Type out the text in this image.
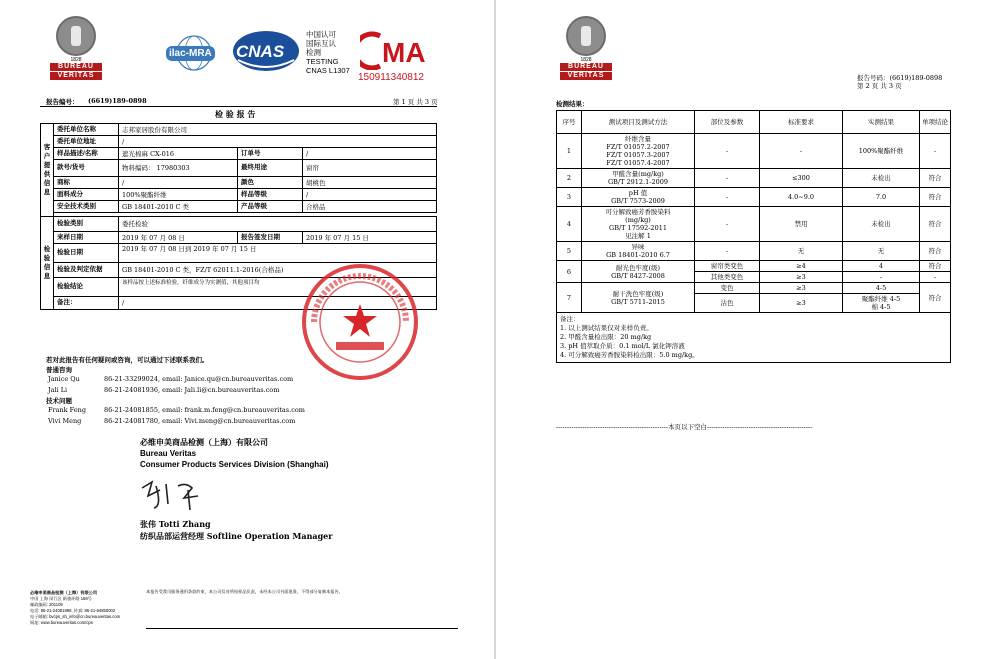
1828
BUREAU
VERITAS
ilac-MRA CNAS
中国认可
国际互认
检测
TESTING
CNAS L1307
MA
15091134081​2
报告编号： (6619)189-0898	第 1 页 共 3 页
检 验 报 告
客户提供信息	委托单位名称	志邦家居股份有限公司		
	委托单位地址	/		
	样品描述/名称	遮光棉麻 CX-016	订单号	/
	款号/货号	物料编码： 17980303	最终用途	窗帘
	商标	/	颜色	胡桃色
	面料成分	100%聚酯纤维	样品等级	/
	安全技术类别	GB 18401-2010 C 类	产品等级	合格品

检验信息	检验类别	委托检验		
	来样日期	2019 年 07 月 08 日	报告签发日期	2019 年 07 月 15 日
	检验日期	2019 年 07 月 08 日到 2019 年 07 月 15 日		
	检验及判定依据	GB 18401-2010 C 类，FZ/T 62011.1-2016(合格品)		
	检验结论	该样品按上述标准检验，纤维成分为实测值，其他项目均		
	备注：	/		
若对此报告有任何疑问或咨询，可以通过下述联系我们。
普通咨询
Janice Qu	86-21-33299024, email: Janice.qu@cn.bureauveritas.com
Jali Li	86-21-24081936, email: Jali.li@cn.bureauveritas.com
技术问题
Frank Feng	86-21-24081855, email: frank.m.feng@cn.bureauveritas.com
Vivi Meng	86-21-24081780, email: Vivi.meng@cn.bureauveritas.com
必维申美商品检测（上海）有限公司
Bureau Veritas
Consumer Products Services Division (Shanghai)
张伟 Totti Zhang
纺织品部运营经理 Softline Operation Manager
必维申美商品检测（上海）有限公司
中国 上海 闵行区 新骏环路 168号
邮政编码: 201109
电话: 86-21-24081888, 传真: 86-21-64850002
电子邮箱: bvcps_sh_info@cn.bureauveritas.com
网址: www.bureauveritas.com/cps
本报告受我司服务通用条款约束，本公司仅对所检样品负责，未经本公司书面批准，不得部分复制本报告。
1828
BUREAU
VERITAS	报告号码：(6619)189-0898
第 2 页 共 3 页
检测结果：
序号	测试项目及测试方法	部位及参数	标准要求	实测结果	单项结论
1	纤维含量
FZ/T 01057.2-2007
FZ/T 01057.3-2007
FZ/T 01057.4-2007	-	-	100%聚酯纤维	-
2	甲醛含量(mg/kg)
GB/T 2912.1-2009	-	≤300	未检出	符合
3	pH 值
GB/T 7573-2009	-	4.0~9.0	7.0	符合
4	可分解致癌芳香胺染料
(mg/kg)
GB/T 17592-2011
见注解 1	-	禁用	未检出	符合
5	异味
GB 18401-2010 6.7	-	无	无	符合
6	耐光色牢度(级)
GB/T 8427-2008	窗帘类变色	≥4	4	符合
		其他类变色	≥3	-	-
7	耐干洗色牢度(级)
GB/T 5711-2015	变色	≥3	4-5	符合
		沾色	≥3	聚酯纤维 4-5
棉 4-5	

备注：
1. 以上测试结果仅对来样负责。
2. 甲醛含量检出限：20 mg/kg
3. pH 值萃取介质：0.1 mol/L 氯化钾溶液
4. 可分解致癌芳香胺染料检出限：5.0 mg/kg。					
---------------------------------------------------本页以下空白------------------------------------------------
